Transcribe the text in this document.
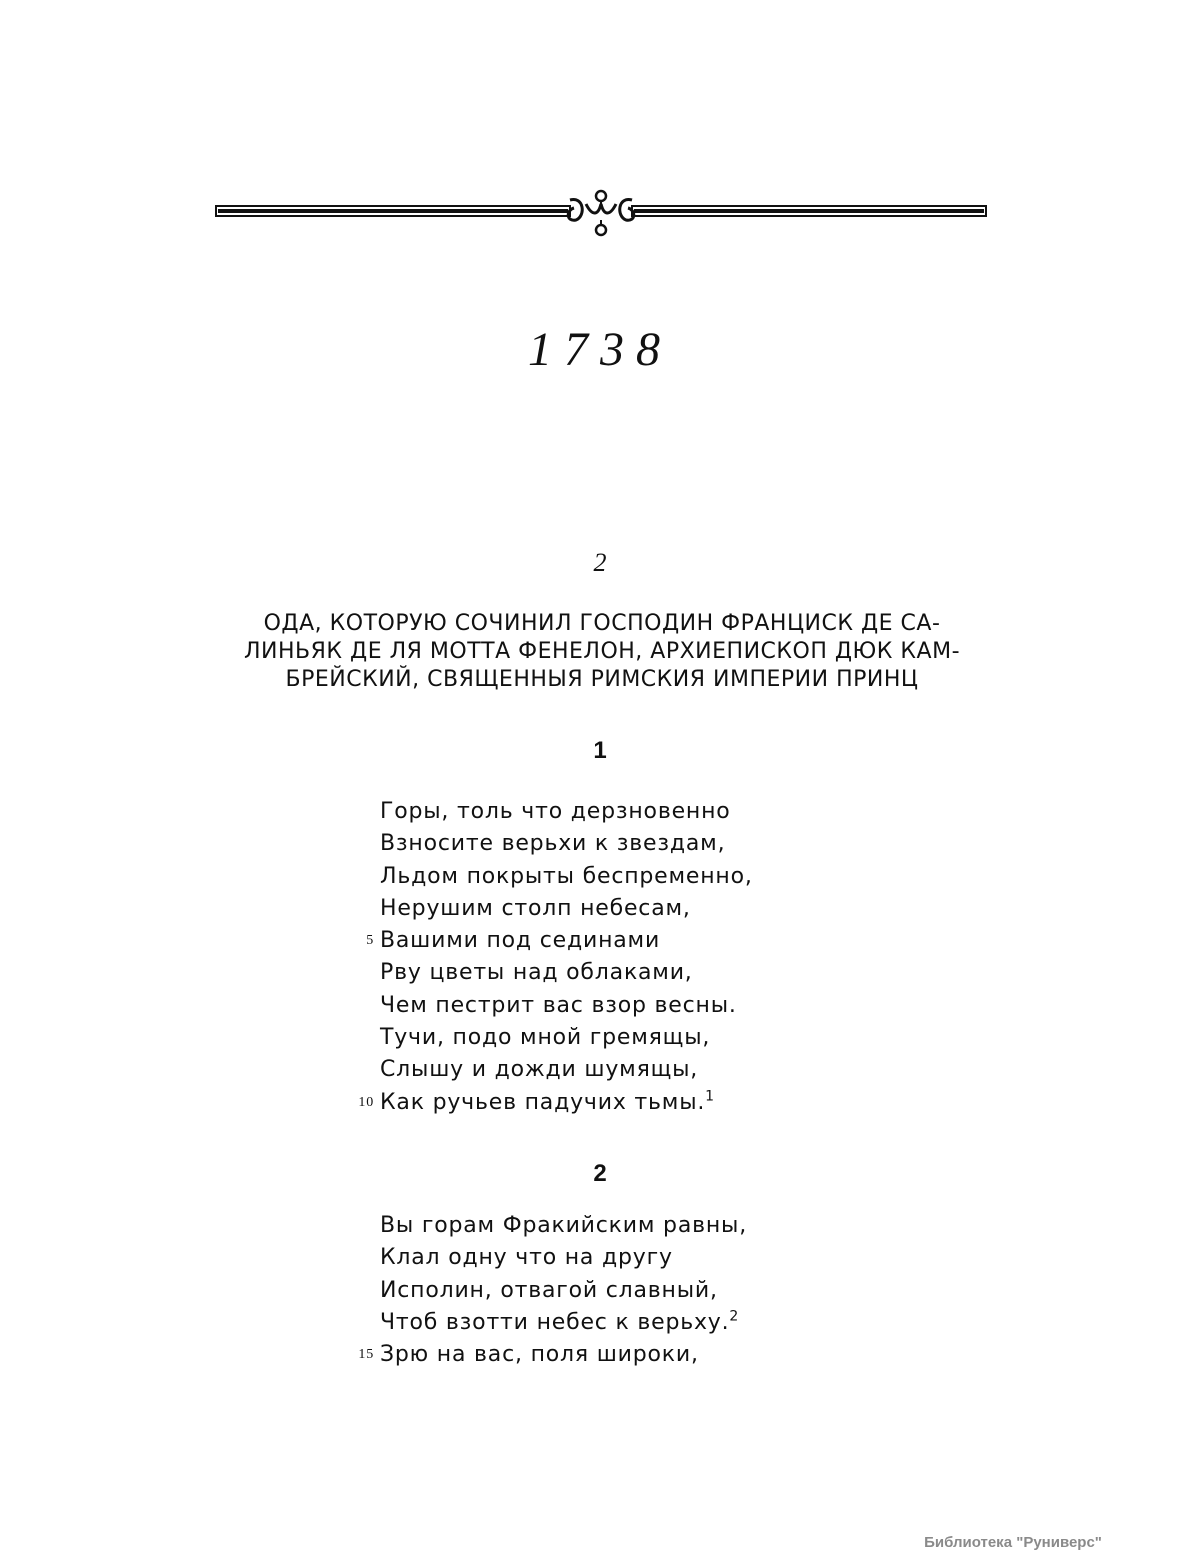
1738
2
ОДА, КОТОРУЮ СОЧИНИЛ ГОСПОДИН ФРАНЦИСК ДЕ СА-
ЛИНЬЯК ДЕ ЛЯ МОТТА ФЕНЕЛОН, АРХИЕПИСКОП ДЮК КАМ-
БРЕЙСКИЙ, СВЯЩЕННЫЯ РИМСКИЯ ИМПЕРИИ ПРИНЦ
1
Горы, толь что дерзновенно
Взносите верьхи к звездам,
Льдом покрыты беспременно,
Нерушим столп небесам,
5 Вашими под сединами
Рву цветы над облаками,
Чем пестрит вас взор весны.
Тучи, подо мной гремящы,
Слышу и дожди шумящы,
10 Как ручьев падучих тьмы.$^1$
2
Вы горам Фракийским равны,
Клал одну что на другу
Исполин, отвагой славный,
Чтоб взотти небес к верьху.$^2$
15 Зрю на вас, поля широки,
Библиотека "Руниверс"
